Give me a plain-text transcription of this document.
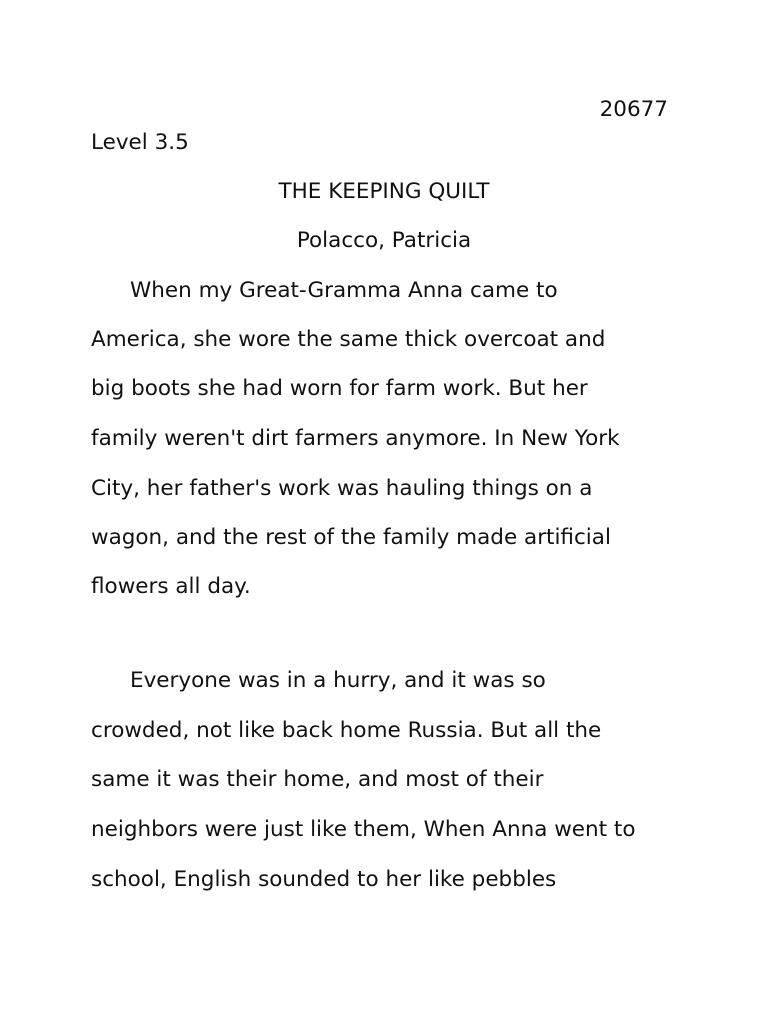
20677
Level 3.5
THE KEEPING QUILT
Polacco, Patricia
When my Great-Gramma Anna came to
America, she wore the same thick overcoat and
big boots she had worn for farm work. But her
family weren't dirt farmers anymore. In New York
City, her father's work was hauling things on a
wagon, and the rest of the family made artificial
flowers all day.
Everyone was in a hurry, and it was so
crowded, not like back home Russia. But all the
same it was their home, and most of their
neighbors were just like them, When Anna went to
school, English sounded to her like pebbles
